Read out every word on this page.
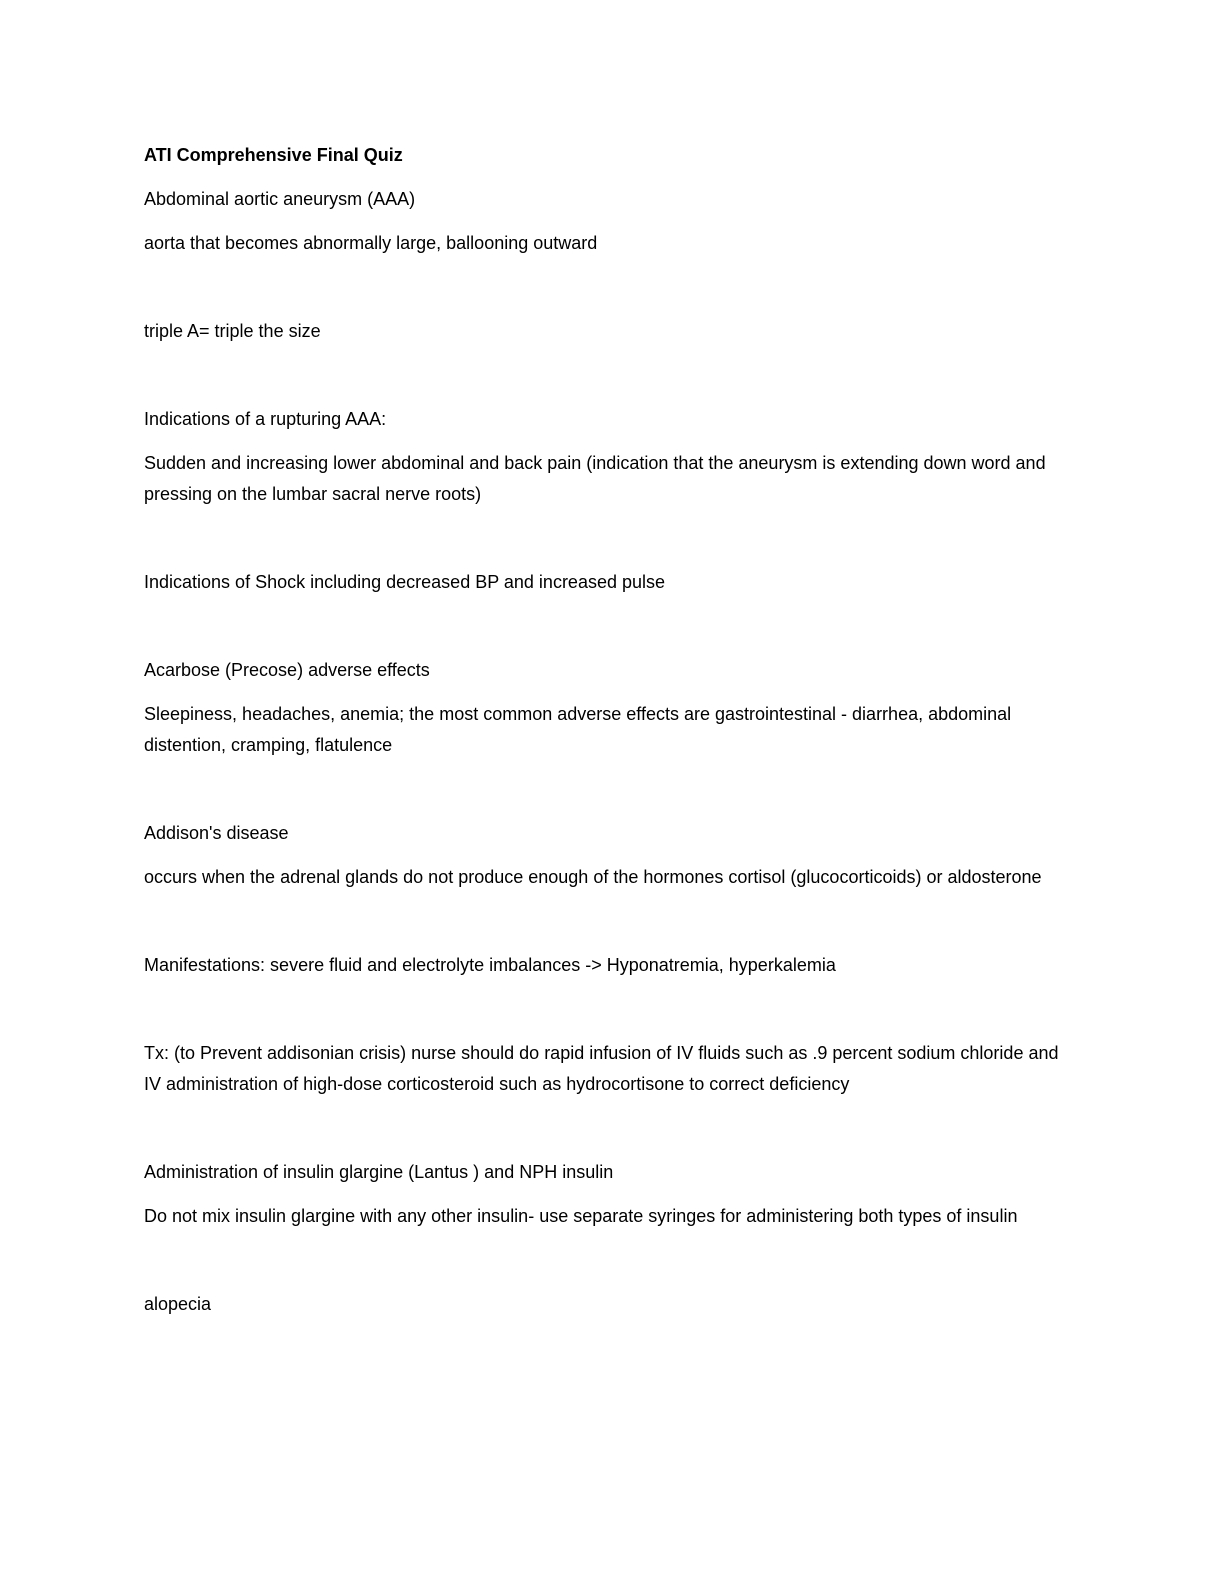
ATI Comprehensive Final Quiz

Abdominal aortic aneurysm (AAA)

aorta that becomes abnormally large, ballooning outward

triple A= triple the size

Indications of a rupturing AAA:

Sudden and increasing lower abdominal and back pain (indication that the aneurysm is extending down word and pressing on the lumbar sacral nerve roots)

Indications of Shock including decreased BP and increased pulse

Acarbose (Precose) adverse effects

Sleepiness, headaches, anemia; the most common adverse effects are gastrointestinal - diarrhea, abdominal distention, cramping, flatulence

Addison's disease

occurs when the adrenal glands do not produce enough of the hormones cortisol (glucocorticoids) or aldosterone

Manifestations: severe fluid and electrolyte imbalances -> Hyponatremia, hyperkalemia

Tx: (to Prevent addisonian crisis) nurse should do rapid infusion of IV fluids such as .9 percent sodium chloride and IV administration of high-dose corticosteroid such as hydrocortisone to correct deficiency

Administration of insulin glargine (Lantus ) and NPH insulin

Do not mix insulin glargine with any other insulin- use separate syringes for administering both types of insulin

alopecia
